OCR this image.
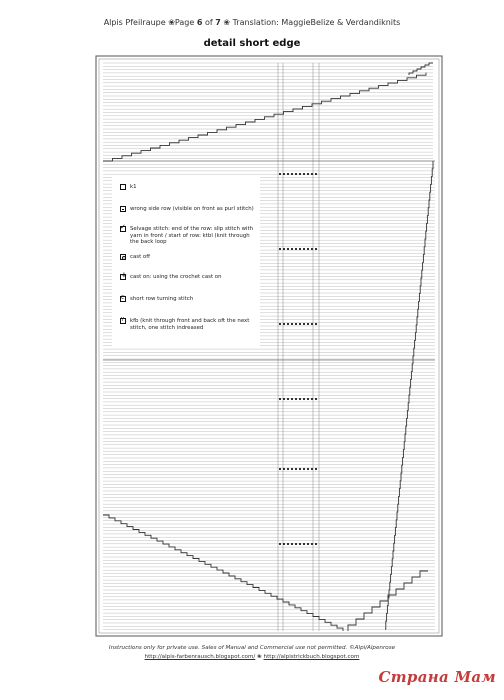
Alpis Pfeilraupe ❀Page 6 of 7 ❀ Translation: MaggieBelize & Verdandiknits
detail short edge
k1
wrong side row (visible on front as purl stitch)
✓
Selvage stitch: end of the row: slip stitch with yarn in front / start of row: ktbl (knit through the back loop
cast off
+
cast on: using the crochet cast on
C
short row turning stitch
Y
kfb (knit through front and back oft the next stitch, one stitch indreased
Instructions only for private use. Sales of Manual and Commercial use not permitted. ©Alpi/Alpenrose
http://alpis-farbenrausch.blogspot.com/ ❀ http://alpistrickbuch.blogspot.com
Страна Мам
